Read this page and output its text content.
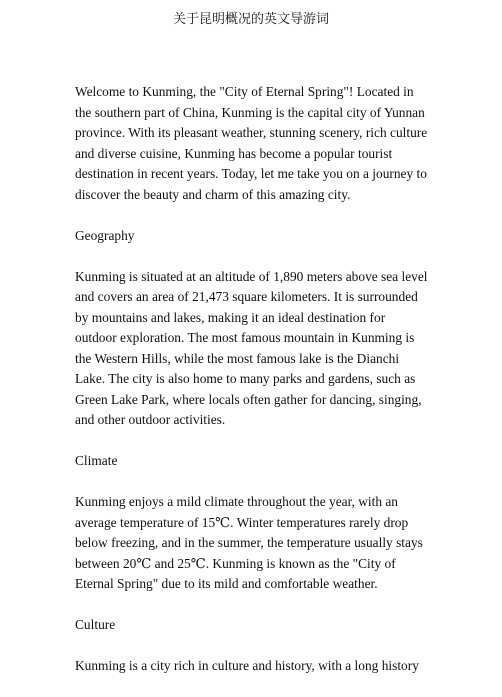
关于昆明概况的英文导游词

Welcome to Kunming, the "City of Eternal Spring"! Located in the southern part of China, Kunming is the capital city of Yunnan province. With its pleasant weather, stunning scenery, rich culture and diverse cuisine, Kunming has become a popular tourist destination in recent years. Today, let me take you on a journey to discover the beauty and charm of this amazing city.

Geography

Kunming is situated at an altitude of 1,890 meters above sea level and covers an area of 21,473 square kilometers. It is surrounded by mountains and lakes, making it an ideal destination for outdoor exploration. The most famous mountain in Kunming is the Western Hills, while the most famous lake is the Dianchi Lake. The city is also home to many parks and gardens, such as Green Lake Park, where locals often gather for dancing, singing, and other outdoor activities.

Climate

Kunming enjoys a mild climate throughout the year, with an average temperature of 15℃. Winter temperatures rarely drop below freezing, and in the summer, the temperature usually stays between 20℃ and 25℃. Kunming is known as the "City of Eternal Spring" due to its mild and comfortable weather.

Culture

Kunming is a city rich in culture and history, with a long history
